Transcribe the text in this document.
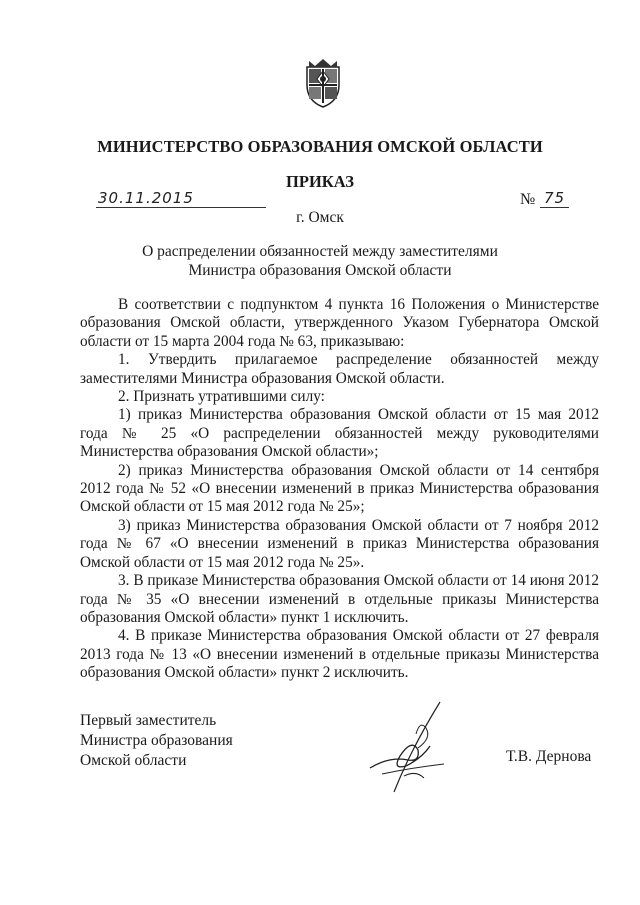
МИНИСТЕРСТВО ОБРАЗОВАНИЯ ОМСКОЙ ОБЛАСТИ
ПРИКАЗ
30.11.2015	№ 75
г. Омск
О распределении обязанностей между заместителями
Министра образования Омской области

В соответствии с подпунктом 4 пункта 16 Положения о Министерстве образования Омской области, утвержденного Указом Губернатора Омской области от 15 марта 2004 года № 63, приказываю:

1. Утвердить прилагаемое распределение обязанностей между заместителями Министра образования Омской области.

2. Признать утратившими силу:

1) приказ Министерства образования Омской области от 15 мая 2012 года № 25 «О распределении обязанностей между руководителями Министерства образования Омской области»;

2) приказ Министерства образования Омской области от 14 сентября 2012 года № 52 «О внесении изменений в приказ Министерства образования Омской области от 15 мая 2012 года № 25»;

3) приказ Министерства образования Омской области от 7 ноября 2012 года № 67 «О внесении изменений в приказ Министерства образования Омской области от 15 мая 2012 года № 25».

3. В приказе Министерства образования Омской области от 14 июня 2012 года № 35 «О внесении изменений в отдельные приказы Министерства образования Омской области» пункт 1 исключить.

4. В приказе Министерства образования Омской области от 27 февраля 2013 года № 13 «О внесении изменений в отдельные приказы Министерства образования Омской области» пункт 2 исключить.

Первый заместитель
Министра образования
Омской области	Т.В. Дернова
